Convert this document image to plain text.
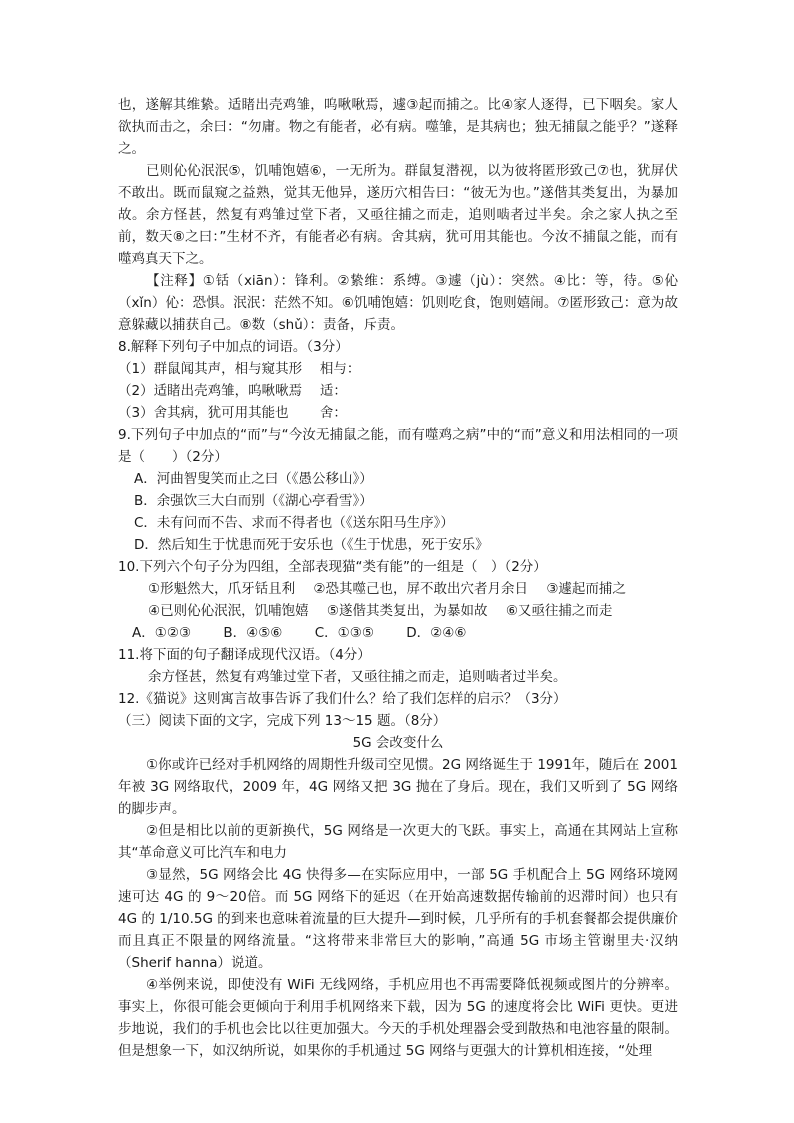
也，遂解其维絷。适睹出壳鸡雏，呜啾啾焉，遽③起而捕之。比④家人逐得，已下咽矣。家人欲执而击之，余曰：“勿庸。物之有能者，必有病。噬雏，是其病也；独无捕鼠之能乎？”遂释之。

已则伈伈泯泯⑤，饥哺饱嬉⑥，一无所为。群鼠复潜视，以为彼将匿形致己⑦也，犹屏伏不敢出。既而鼠窥之益熟，觉其无他异，遂历穴相告曰：“彼无为也。”遂偕其类复出，为暴加故。余方怪甚，然复有鸡雏过堂下者，又亟往捕之而走，追则啮者过半矣。余之家人执之至前，数天⑧之曰：”生材不齐，有能者必有病。舍其病，犹可用其能也。今汝不捕鼠之能，而有噬鸡真天下之。

【注释】①铦（xiān）：锋利。②絷维：系缚。③遽（jù）：突然。④比：等，待。⑤伈（xǐn）伈：恐惧。泯泯：茫然不知。⑥饥哺饱嬉：饥则吃食，饱则嬉闹。⑦匿形致己：意为故意躲藏以捕获自己。⑧数（shǔ）：责备，斥责。

8.解释下列句子中加点的词语。（3分）

（1）群鼠闻其声，相与窥其形　 相与：

（2）适睹出壳鸡雏，呜啾啾焉　 适：

（3）舍其病，犹可用其能也　　 舍：

9.下列句子中加点的“而”与“今汝无捕鼠之能，而有噬鸡之病”中的“而”意义和用法相同的一项是（　　）（2分）

A．河曲智叟笑而止之曰（《愚公移山》）

B．余强饮三大白而别（《湖心亭看雪》）

C．未有问而不告、求而不得者也（《送东阳马生序》）

D．然后知生于忧患而死于安乐也（《生于忧患，死于安乐》

10.下列六个句子分为四组，全部表现猫“类有能”的一组是（　）（2分）

①形魁然大，爪牙铦且利 ②恐其噬己也，屏不敢出穴者月余日 ③遽起而捕之

④已则伈伈泯泯，饥哺饱嬉 ⑤遂偕其类复出，为暴如故 ⑥又亟往捕之而走

A．①②③ B．④⑤⑥ C．①③⑤ D．②④⑥

11.将下面的句子翻译成现代汉语。（4分）

余方怪甚，然复有鸡雏过堂下者，又亟往捕之而走，追则啮者过半矣。

12.《猫说》这则寓言故事告诉了我们什么？给了我们怎样的启示？（3分）

（三）阅读下面的文字，完成下列 13～15 题。（8分）

5G 会改变什么

①你或许已经对手机网络的周期性升级司空见惯。2G 网络诞生于 1991年，随后在 2001年被 3G 网络取代，2009 年，4G 网络又把 3G 抛在了身后。现在，我们又听到了 5G 网络的脚步声。

②但是相比以前的更新换代，5G 网络是一次更大的飞跃。事实上，高通在其网站上宣称其“革命意义可比汽车和电力

③显然，5G 网络会比 4G 快得多—在实际应用中，一部 5G 手机配合上 5G 网络环境网速可达 4G 的 9～20倍。而 5G 网络下的延迟（在开始高速数据传输前的迟滞时间）也只有 4G 的 1/10.5G 的到来也意味着流量的巨大提升—到时候，几乎所有的手机套餐都会提供廉价而且真正不限量的网络流量。“这将带来非常巨大的影响，”高通 5G 市场主管谢里夫·汉纳（Sherif hanna）说道。

④举例来说，即使没有 WiFi 无线网络，手机应用也不再需要降低视频或图片的分辨率。事实上，你很可能会更倾向于利用手机网络来下载，因为 5G 的速度将会比 WiFi 更快。更进步地说，我们的手机也会比以往更加强大。今天的手机处理器会受到散热和电池容量的限制。但是想象一下，如汉纳所说，如果你的手机通过 5G 网络与更强大的计算机相连接，“处理
